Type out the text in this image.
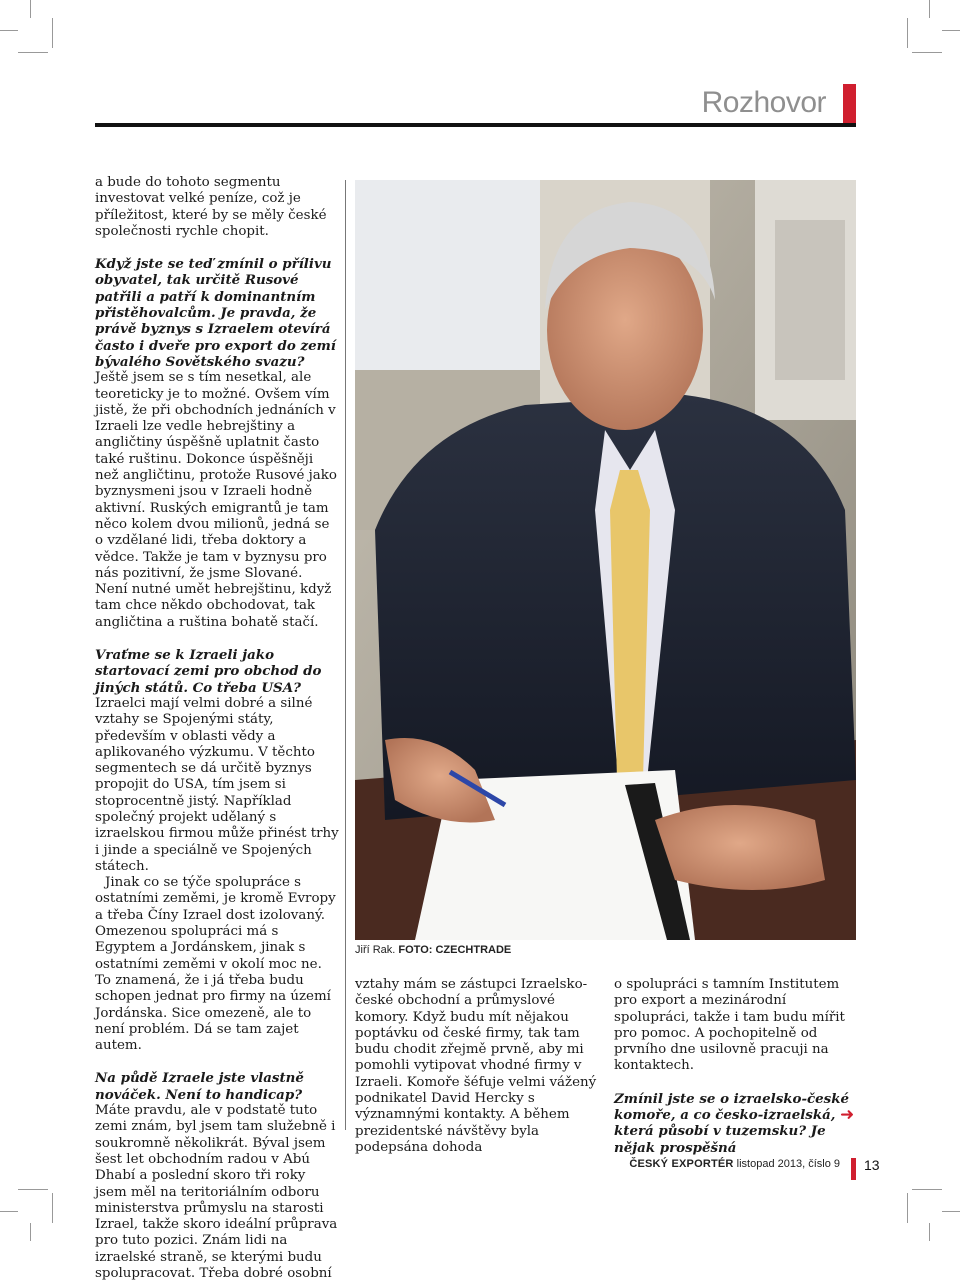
Rozhovor

a bude do tohoto segmentu investovat velké peníze, což je příležitost, které by se měly české společnosti rychle chopit.

Když jste se teď zmínil o přílivu obyvatel, tak určitě Rusové patřili a patří k dominantním přistěhovalcům. Je pravda, že právě byznys s Izraelem otevírá často i dveře pro export do zemí bývalého Sovětského svazu?

Ještě jsem se s tím nesetkal, ale teoreticky je to možné. Ovšem vím jistě, že při obchodních jednáních v Izraeli lze vedle hebrejštiny a angličtiny úspěšně uplatnit často také ruštinu. Dokonce úspěšněji než angličtinu, protože Rusové jako byznysmeni jsou v Izraeli hodně aktivní. Ruských emigrantů je tam něco kolem dvou milionů, jedná se o vzdělané lidi, třeba doktory a vědce. Takže je tam v byznysu pro nás pozitivní, že jsme Slované. Není nutné umět hebrejštinu, když tam chce někdo obchodovat, tak angličtina a ruština bohatě stačí.

Vraťme se k Izraeli jako startovací zemi pro obchod do jiných států. Co třeba USA?

Izraelci mají velmi dobré a silné vztahy se Spojenými státy, především v oblasti vědy a aplikovaného výzkumu. V těchto segmentech se dá určitě byznys propojit do USA, tím jsem si stoprocentně jistý. Například společný projekt udělaný s izraelskou firmou může přinést trhy i jinde a speciálně ve Spojených státech.

Jinak co se týče spolupráce s ostatními zeměmi, je kromě Evropy a třeba Číny Izrael dost izolovaný. Omezenou spolupráci má s Egyptem a Jordánskem, jinak s ostatními zeměmi v okolí moc ne. To znamená, že i já třeba budu schopen jednat pro firmy na území Jordánska. Sice omezeně, ale to není problém. Dá se tam zajet autem.

Na půdě Izraele jste vlastně nováček. Není to handicap?

Máte pravdu, ale v podstatě tuto zemi znám, byl jsem tam služebně i soukromně několikrát. Býval jsem šest let obchodním radou v Abú Dhabí a poslední skoro tři roky jsem měl na teritoriálním odboru ministerstva průmyslu na starosti Izrael, takže skoro ideální průprava pro tuto pozici. Znám lidi na izraelské straně, se kterými budu spolupracovat. Třeba dobré osobní

Jiří Rak. FOTO: CZECHTRADE

vztahy mám se zástupci Izraelsko-české obchodní a průmyslové komory. Když budu mít nějakou poptávku od české firmy, tak tam budu chodit zřejmě prvně, aby mi pomohli vytipovat vhodné firmy v Izraeli. Komoře šéfuje velmi vážený podnikatel David Hercky s významnými kontakty. A během prezidentské návštěvy byla podepsána dohoda

o spolupráci s tamním Institutem pro export a mezinárodní spolupráci, takže i tam budu mířit pro pomoc. A pochopitelně od prvního dne usilovně pracuji na kontaktech.

Zmínil jste se o izraelsko-české komoře, a co česko-izraelská, která působí v tuzemsku? Je nějak prospěšná

➜
ČESKÝ EXPORTÉR listopad 2013, číslo 9 13
